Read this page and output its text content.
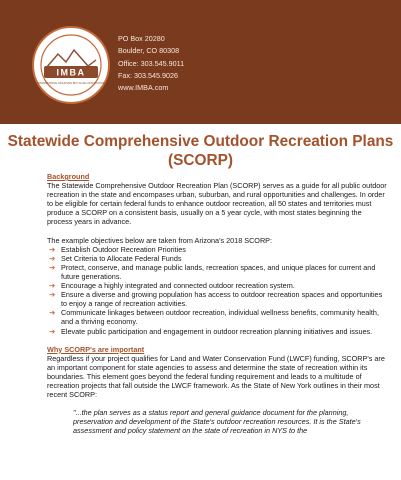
IMBA
INTERNATIONAL MOUNTAIN BICYCLING ASSOCIATION
PO Box 20280
Boulder, CO 80308
Office: 303.545.9011
Fax: 303.545.9026
www.IMBA.com
Statewide Comprehensive Outdoor Recreation Plans
(SCORP)
Background

The Statewide Comprehensive Outdoor Recreation Plan (SCORP) serves as a guide for all public outdoor recreation in the state and encompases urban, suburban, and rural opportunities and challenges. In order to be eligible for certain federal funds to enhance outdoor recreation, all 50 states and territories must produce a SCORP on a consistent basis, usually on a 5 year cycle, with most states beginning the process years in advance.

The example objectives below are taken from Arizona's 2018 SCORP:

➔ Establish Outdoor Recreation Priorities
➔ Set Criteria to Allocate Federal Funds
➔ Protect, conserve, and manage public lands, recreation spaces, and unique places for current and future generations.
➔ Encourage a highly integrated and connected outdoor recreation system.
➔ Ensure a diverse and growing population has access to outdoor recreation spaces and opportunities to enjoy a range of recreation activities.
➔ Communicate linkages between outdoor recreation, individual wellness benefits, community health, and a thriving economy.
➔ Elevate public participation and engagement in outdoor recreation planning initiatives and issues.
Why SCORP's are important

Regardless if your project qualifies for Land and Water Conservation Fund (LWCF) funding, SCORP's are an important component for state agencies to assess and determine the state of recreation within its boundaries. This element goes beyond the federal funding requirement and leads to a multitude of recreation projects that fall outside the LWCF framework. As the State of New York outlines in their most recent SCORP:

"...the plan serves as a status report and general guidance document for the planning, preservation and development of the State's outdoor recreation resources. It is the State's assessment and policy statement on the state of recreation in NYS to the
